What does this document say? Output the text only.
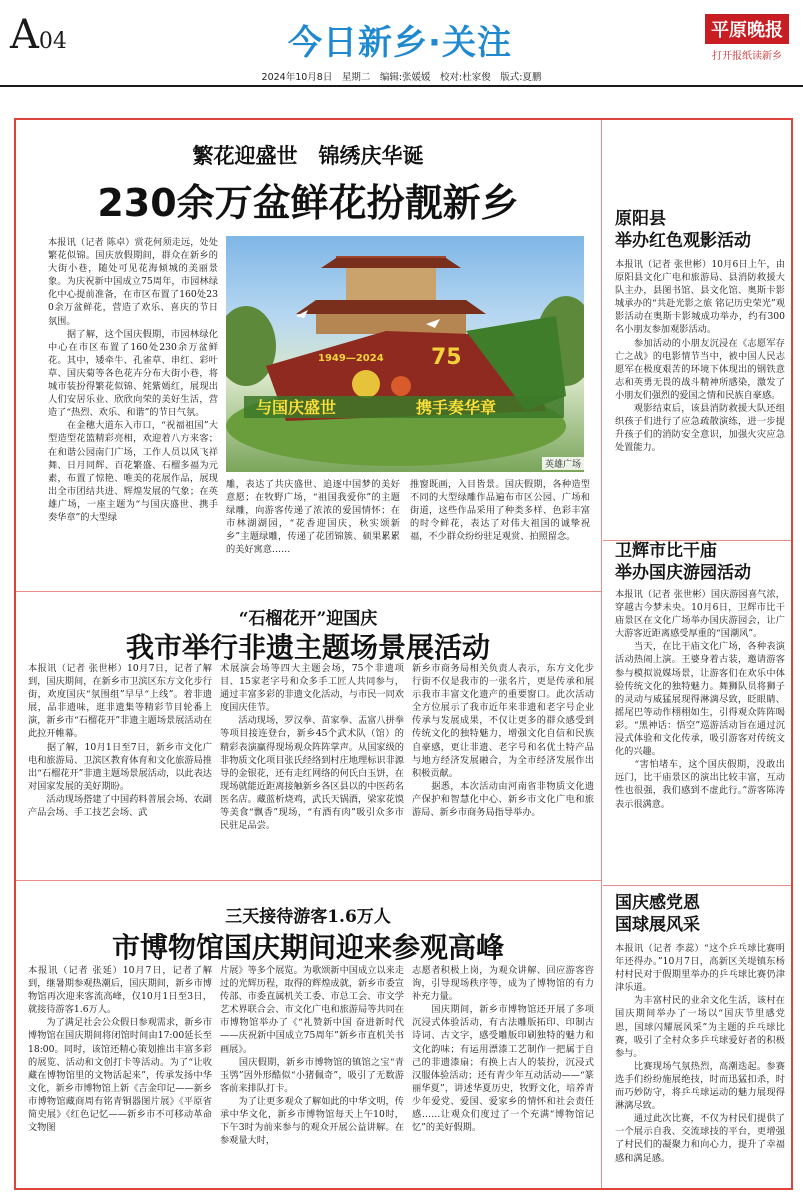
A04	今日新乡·关注	平原晚报
打开报纸读新乡
2024年10月8日　星期二　编辑:张媛媛　校对:杜家俊　版式:夏鹏
繁花迎盛世　锦绣庆华诞
230余万盆鲜花扮靓新乡
本报讯（记者 陈卓）赏花何须走远，处处繁花似锦。国庆放假期间，群众在新乡的大街小巷，随处可见花海倾城的美丽景象。为庆祝新中国成立75周年，市园林绿化中心提前准备，在市区布置了160处230余万盆鲜花，营造了欢乐、喜庆的节日氛围。
　　据了解，这个国庆假期，市园林绿化中心在市区布置了160处230余万盆鲜花。其中，矮牵牛、孔雀草、串红、彩叶草、国庆菊等各色花卉分布大街小巷，将城市装扮得繁花似锦、姹紫嫣红，展现出人们安居乐业、欣欣向荣的美好生活，营造了“热烈、欢乐、和谐”的节日气氛。
　　在金穗大道东入市口，“祝福祖国”大型造型花篮精彩亮相，欢迎着八方来客；在和谐公园南门广场，工作人员以风飞祥舞、日月同辉、百花繁盛、石榴多福为元素，布置了惊艳、唯美的花展作品，展现出全市团结共进、辉煌发展的气象；在英雄广场，一座主题为“与国庆盛世、携手奏华章”的大型绿
75
1949—2024
与国庆盛世	携手奏华章
英雄广场
雕，表达了共庆盛世、追逐中国梦的美好意愿；在牧野广场，“祖国我爱你”的主题绿雕，向游客传递了浓浓的爱国情怀；在市林湖湖园，“花香迎国庆，秋实颂新乡”主题绿雕，传递了花团锦簇、硕果累累的美好寓意……
推窗既画，入目皆景。国庆假期，各种造型不同的大型绿雕作品遍布市区公园、广场和街道，这些作品采用了种类多样、色彩丰富的时令鲜花，表达了对伟大祖国的诚挚祝福，不少群众纷纷驻足观赏、拍照留念。
“石榴花开”迎国庆
我市举行非遗主题场景展活动
本报讯（记者 张世彬）10月7日，记者了解到，国庆期间，在新乡市卫滨区东方文化步行街，欢度国庆“氛围组”早早“上线”。着非遗展，品非遗味，逛非遗集等精彩节目轮番上演，新乡市“石榴花开”非遗主题场景展活动在此拉开帷幕。
　　据了解，10月1日至7日，新乡市文化广电和旅游局、卫滨区教育体育和文化旅游局推出“石榴花开”非遗主题场景展活动，以此表达对国家发展的美好期盼。
　　活动现场搭建了中国药料普展会场、农副产品会场、手工技艺会场、武
术展演会场等四大主题会场，75个非遗项目、15家老字号和众多手工匠人共同参与，通过丰富多彩的非遗文化活动，与市民一同欢度国庆佳节。
　　活动现场，罗汉拳、苗家拳、盂富八拼拳等项目接连登台，新乡45个武术队（馆）的精彩表演赢得现场观众阵阵掌声。从国家级的非物质文化项目张氏经络到村庄地理标识非源导的金银花，还有走红网络的何氏白玉饼，在现场就能近距离接触新乡各区县以的中医药名医名店。藏蓝析烧鸡，武氏天锅酒，梁家花馍等美食“飘香”现场，“有酒有肉”吸引众多市民驻足品尝。
新乡市商务局相关负责人表示，东方文化步行街不仅是我市的一张名片，更是传承和展示我市丰富文化遗产的重要窗口。此次活动全方位展示了我市近年来非遗和老字号企业传承与发展成果，不仅让更多的群众感受到传统文化的独特魅力，增强文化自信和民族自豪感，更让非遗、老字号和名优土特产品与地方经济发展融合，为全市经济发展作出积极贡献。
　　据悉，本次活动由河南省非物质文化遗产保护和智慧化中心、新乡市文化广电和旅游局、新乡市商务局指导举办。
三天接待游客1.6万人
市博物馆国庆期间迎来参观高峰
本报讯（记者 张延）10月7日，记者了解到，继暑期参观热潮后，国庆期间，新乡市博物馆再次迎来客流高峰，仅10月1日至3日，就接待游客1.6万人。
　　为了满足社会公众假日参观需求，新乡市博物馆在国庆期间将闭馆时间由17:00延长至18:00。同时，该馆还精心策划推出丰富多彩的展览、活动和文创打卡等活动。为了“让收藏在博物馆里的文物活起来”，传承发扬中华文化，新乡市博物馆上新《吉金印记——新乡市博物馆藏商周有铭青铜器图片展》《平原省简史展》《红色记忆——新乡市不可移动革命文物图
片展》等多个展览。为歌颂新中国成立以来走过的光辉历程，取得的辉煌成就，新乡市委宣传部、市委直属机关工委、市总工会、市文学艺术界联合会、市文化广电和旅游局等共同在市博物馆举办了《“礼赞新中国 奋进新时代——庆祝新中国成立75周年”新乡市直机关书画展》。
　　国庆假期，新乡市博物馆的镇馆之宝“青玉鸮”因外形酷似“小猪佩奇”，吸引了无数游客前来排队打卡。
　　为了让更多观众了解如此的中华文明，传承中华文化，新乡市博物馆每天上午10时，下午3时为前来参与的观众开展公益讲解。在参观量大时，
志愿者积极上岗，为观众讲解、回应游客咨询，引导现场秩序等，成为了博物馆的有力补充力量。
　　国庆期间，新乡市博物馆还开展了多项沉浸式体验活动，有古法雕版拓印、印制古诗词、古文字，感受雕版印刷独特的魅力和文化韵味；有运用漂漆工艺制作一把属于自己的非遗漆扇；有换上古人的装扮，沉浸式汉服体验活动；还有青少年互动活动——“篆丽华夏”，讲述华夏历史，牧野文化，培养青少年爱党、爱国、爱家乡的情怀和社会责任感……让观众们度过了一个充满“博物馆记忆”的美好假期。
原阳县
举办红色观影活动
本报讯（记者 张世彬）10月6日上午，由原阳县文化广电和旅游局、县消防救援大队主办，县图书馆、县文化馆、奥斯卡影城承办的“共赴光影之旅 铭记历史荣光”观影活动在奥斯卡影城成功举办，约有300名小朋友参加观影活动。
　　参加活动的小朋友沉浸在《志愿军存亡之战》的电影情节当中，被中国人民志愿军在极度艰苦的环境下体现出的钢铁意志和英勇无畏的战斗精神所感染，激发了小朋友们强烈的爱国之情和民族自豪感。
　　观影结束后，该县消防救援大队还组织孩子们进行了应急疏散演练，进一步提升孩子们的消防安全意识，加强火灾应急处置能力。
卫辉市比干庙
举办国庆游园活动
本报讯（记者 张世彬）国庆游园喜气浓，穿越古今梦未央。10月6日，卫辉市比干庙景区在文化广场举办国庆游园会，让广大游客近距离感受厚重的“国潮风”。
　　当天，在比干庙文化广场，各种表演活动热闹上演。王婆身着古装，邀请游客参与模拟说媒场景，让游客们在欢乐中体验传统文化的独特魅力。舞狮队员将狮子的灵动与威猛展现得淋漓尽致，眨眼睛、摇尾巴等动作栩栩如生，引得观众阵阵喝彩。“黑神话：悟空”巡游活动旨在通过沉浸式体验和文化传承，吸引游客对传统文化的兴趣。
　　“害怕堵车，这个国庆假期，没敢出远门，比干庙景区的演出比较丰富，互动性也很强，我们感到不虚此行。”游客陈涛表示很满意。
国庆感党恩
国球展风采
本报讯（记者 李蕊）“这个乒乓球比赛明年还得办。”10月7日，高新区关堤镇东杨村村民对于假期里举办的乒乓球比赛仍津津乐道。
　　为丰富村民的业余文化生活，该村在国庆期间举办了一场以“国庆节里感党恩，国球闪耀展风采”为主题的乒乓球比赛，吸引了全村众多乒乓球爱好者的积极参与。
　　比赛现场气氛热烈，高潮迭起。参赛选手们纷纷施展绝技，时而迅猛扣杀，时而巧妙防守，将乒乓球运动的魅力展现得淋漓尽致。
　　通过此次比赛，不仅为村民们提供了一个展示自我、交流球技的平台，更增强了村民们的凝聚力和向心力，提升了幸福感和满足感。
